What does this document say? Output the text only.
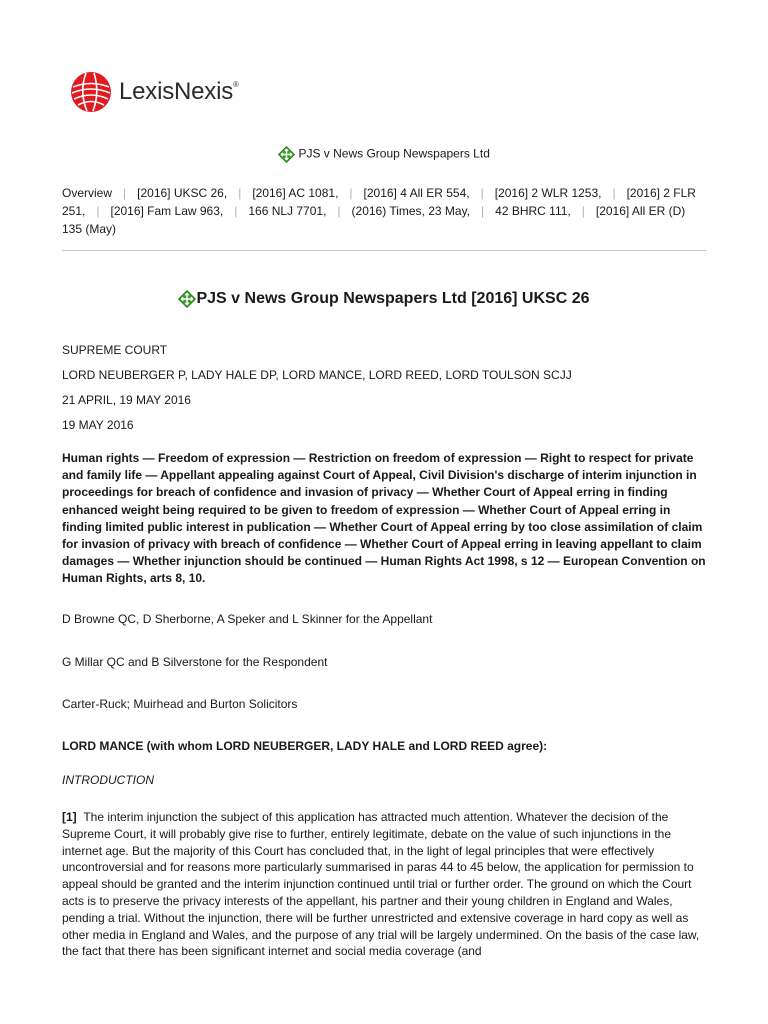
LexisNexis®
PJS v News Group Newspapers Ltd
Overview | [2016] UKSC 26, | [2016] AC 1081, | [2016] 4 All ER 554, | [2016] 2 WLR 1253, | [2016] 2 FLR 251, | [2016] Fam Law 963, | 166 NLJ 7701, | (2016) Times, 23 May, | 42 BHRC 111, | [2016] All ER (D) 135 (May)
PJS v News Group Newspapers Ltd [2016] UKSC 26
SUPREME COURT
LORD NEUBERGER P, LADY HALE DP, LORD MANCE, LORD REED, LORD TOULSON SCJJ
21 APRIL, 19 MAY 2016
19 MAY 2016
Human rights — Freedom of expression — Restriction on freedom of expression — Right to respect for private and family life — Appellant appealing against Court of Appeal, Civil Division's discharge of interim injunction in proceedings for breach of confidence and invasion of privacy — Whether Court of Appeal erring in finding enhanced weight being required to be given to freedom of expression — Whether Court of Appeal erring in finding limited public interest in publication — Whether Court of Appeal erring by too close assimilation of claim for invasion of privacy with breach of confidence — Whether Court of Appeal erring in leaving appellant to claim damages — Whether injunction should be continued — Human Rights Act 1998, s 12 — European Convention on Human Rights, arts 8, 10.
D Browne QC, D Sherborne, A Speker and L Skinner for the Appellant
G Millar QC and B Silverstone for the Respondent
Carter-Ruck; Muirhead and Burton Solicitors
LORD MANCE (with whom LORD NEUBERGER, LADY HALE and LORD REED agree):
INTRODUCTION
[1] The interim injunction the subject of this application has attracted much attention. Whatever the decision of the Supreme Court, it will probably give rise to further, entirely legitimate, debate on the value of such injunctions in the internet age. But the majority of this Court has concluded that, in the light of legal principles that were effectively uncontroversial and for reasons more particularly summarised in paras 44 to 45 below, the application for permission to appeal should be granted and the interim injunction continued until trial or further order. The ground on which the Court acts is to preserve the privacy interests of the appellant, his partner and their young children in England and Wales, pending a trial. Without the injunction, there will be further unrestricted and extensive coverage in hard copy as well as other media in England and Wales, and the purpose of any trial will be largely undermined. On the basis of the case law, the fact that there has been significant internet and social media coverage (and
